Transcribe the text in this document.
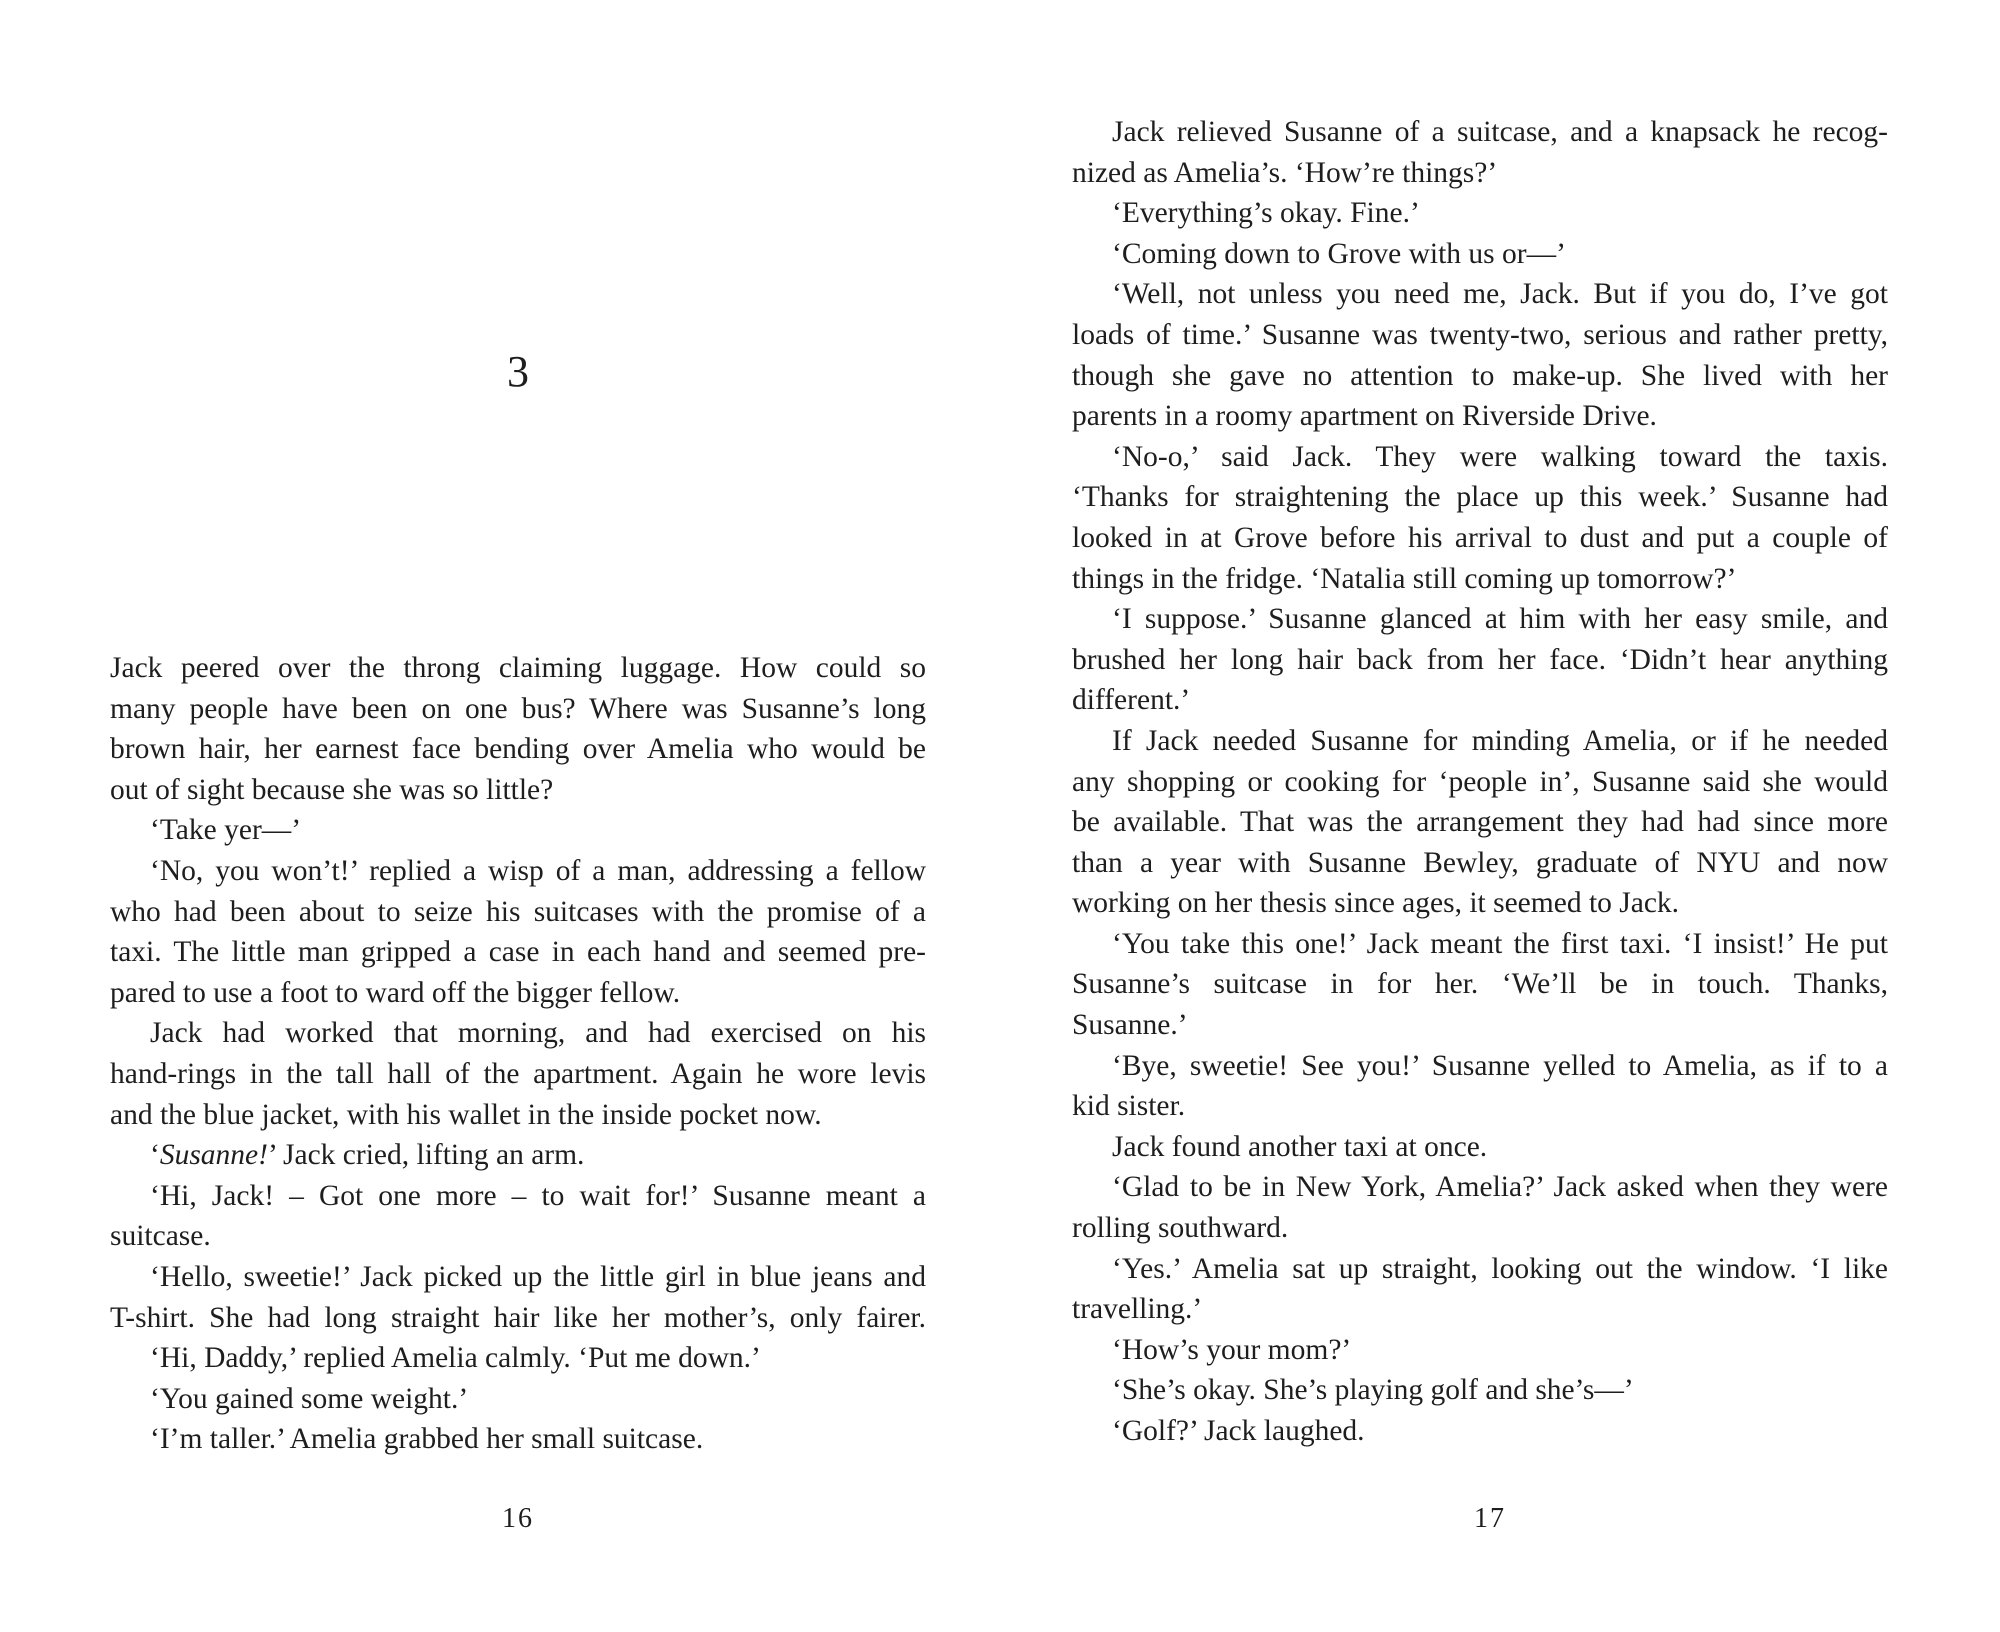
3
Jack peered over the throng claiming luggage. How could so
many people have been on one bus? Where was Susanne’s long
brown hair, her earnest face bending over Amelia who would be
out of sight because she was so little?
‘Take yer—’
‘No, you won’t!’ replied a wisp of a man, addressing a fellow
who had been about to seize his suitcases with the promise of a
taxi. The little man gripped a case in each hand and seemed pre-
pared to use a foot to ward off the bigger fellow.
Jack had worked that morning, and had exercised on his
hand-rings in the tall hall of the apartment. Again he wore levis
and the blue jacket, with his wallet in the inside pocket now.
‘Susanne!’ Jack cried, lifting an arm.
‘Hi, Jack! – Got one more – to wait for!’ Susanne meant a
suitcase.
‘Hello, sweetie!’ Jack picked up the little girl in blue jeans and
T-shirt. She had long straight hair like her mother’s, only fairer.
‘Hi, Daddy,’ replied Amelia calmly. ‘Put me down.’
‘You gained some weight.’
‘I’m taller.’ Amelia grabbed her small suitcase.
16
Jack relieved Susanne of a suitcase, and a knapsack he recog-
nized as Amelia’s. ‘How’re things?’
‘Everything’s okay. Fine.’
‘Coming down to Grove with us or—’
‘Well, not unless you need me, Jack. But if you do, I’ve got
loads of time.’ Susanne was twenty-two, serious and rather pretty,
though she gave no attention to make-up. She lived with her
parents in a roomy apartment on Riverside Drive.
‘No-o,’ said Jack. They were walking toward the taxis.
‘Thanks for straightening the place up this week.’ Susanne had
looked in at Grove before his arrival to dust and put a couple of
things in the fridge. ‘Natalia still coming up tomorrow?’
‘I suppose.’ Susanne glanced at him with her easy smile, and
brushed her long hair back from her face. ‘Didn’t hear anything
different.’
If Jack needed Susanne for minding Amelia, or if he needed
any shopping or cooking for ‘people in’, Susanne said she would
be available. That was the arrangement they had had since more
than a year with Susanne Bewley, graduate of NYU and now
working on her thesis since ages, it seemed to Jack.
‘You take this one!’ Jack meant the first taxi. ‘I insist!’ He put
Susanne’s suitcase in for her. ‘We’ll be in touch. Thanks,
Susanne.’
‘Bye, sweetie! See you!’ Susanne yelled to Amelia, as if to a
kid sister.
Jack found another taxi at once.
‘Glad to be in New York, Amelia?’ Jack asked when they were
rolling southward.
‘Yes.’ Amelia sat up straight, looking out the window. ‘I like
travelling.’
‘How’s your mom?’
‘She’s okay. She’s playing golf and she’s—’
‘Golf?’ Jack laughed.
17
